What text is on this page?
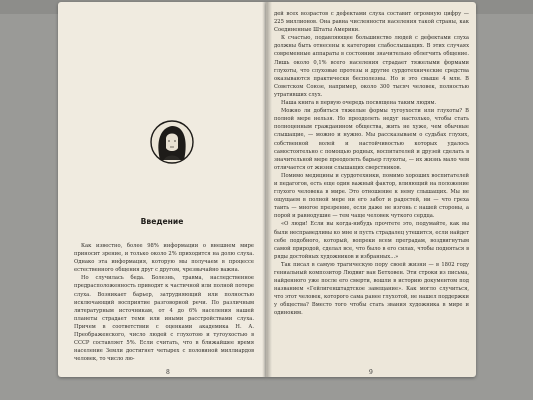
Введение

Как известно, более 98% информации о внешнем мире приносит зрение, и только около 2% приходится на долю слуха. Однако эта информация, которую мы получаем в процессе естественного общения друг с другом, чрезвычайно важна.

Но случилась беда. Болезнь, травма, наследственное предрасположенность приводят к частичной или полной потере слуха. Возникает барьер, затрудняющий или полностью исключающий восприятие разговорной речи. По различным литературным источникам, от 4 до 6% населения нашей планеты страдает теми или иными расстройствами слуха. Причем в соответствии с оценками академика Н. А. Преображенского, число людей с глухотою и тугоухостью в СССР составляет 5%. Если считать, что в ближайшее время население Земли достигнет четырех с половиной миллиардов человек, то число лю-

8

дей всех возрастов с дефектами слуха составит огромную цифру — 225 миллионов. Она равна численности населения такой страны, как Соединенные Штаты Америки.

К счастью, подавляющее большинство людей с дефектами слуха должны быть отнесены к категории слабослышащих. В этих случаях современные аппараты в состоянии значительно облегчить общение. Лишь около 0,1% всего населения страдает тяжелыми формами глухоты, что слуховые протезы и другие сурдотехнические средства оказываются практически бесполезны. Но и это свыше 4 млн. В Советском Союзе, например, около 300 тысяч человек, полностью утративших слух.

Наша книга в первую очередь посвящена таким людям.

Можно ли добиться тяжелые формы тугоухости или глухоты? В полной мере нельзя. Но преодолеть недуг настолько, чтобы стать полноценным гражданином общества, жить не хуже, чем обычные слышащие, — можно и нужно. Мы рассказываем о судьбах глухих, собственной волей и настойчивостью которых удалось самостоятельно с помощью родных, воспитателей и друзей сделать в значительной мере преодолеть барьер глухоты, — их жизнь мало чем отличается от жизни слышащих сверстников.

Помимо медицины и сурдотехники, помимо хороших воспитателей и педагогов, есть еще один важный фактор, влияющий на положение глухого человека в мире. Это отношение к нему слышащих. Мы не ощущаем в полной мере ни его забот и радостей, ни — что греха таить — многое презрение, если даже не изгонь с нашей стороны, а порой и равнодушие — тем чаще человек чуткого сердца.

«О люди! Если вы когда-нибудь прочтете это, подумайте, как вы были несправедливы ко мне и пусть страдалец утешится, если найдет себе подобного, который, вопреки всем преградам, воздвигнутым самой природой, сделал все, что было в его силах, чтобы подняться в ряды достойных художников и избранных...»

Так писал в самую трагическую пору своей жизни — в 1802 году гениальный композитор Людвиг ван Бетховен. Эти строки из письма, найденного уже после его смерти, вошли в историю документом под названием «Гейлигенштадтское завещание». Как могло случиться, что этот человек, которого сама ранее глухотой, не нашел поддержки у общества? Вместо того чтобы стать звания художника в мире и одиноким.

9
